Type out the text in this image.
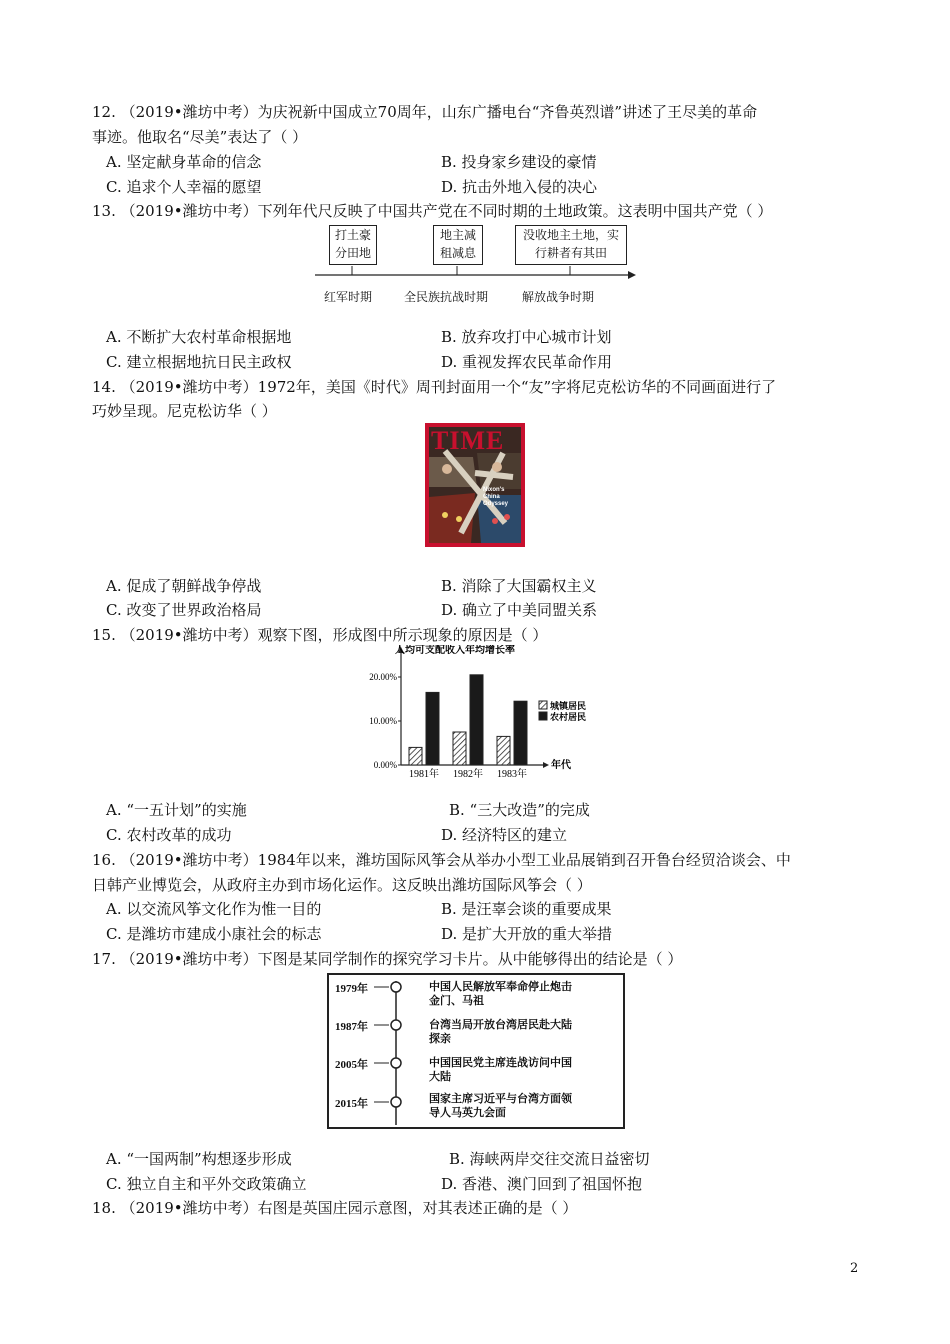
12. （2019•潍坊中考）为庆祝新中国成立70周年，山东广播电台“齐鲁英烈谱”讲述了王尽美的革命
事迹。他取名“尽美”表达了（ ）
A. 坚定献身革命的信念	B. 投身家乡建设的豪情
C. 追求个人幸福的愿望	D. 抗击外地入侵的决心
13. （2019•潍坊中考）下列年代尺反映了中国共产党在不同时期的土地政策。这表明中国共产党（ ）
打土豪
分田地
地主减
租减息
没收地主土地，实
行耕者有其田
红军时期	全民族抗战时期	解放战争时期
A. 不断扩大农村革命根据地	B. 放弃攻打中心城市计划
C. 建立根据地抗日民主政权	D. 重视发挥农民革命作用
14. （2019•潍坊中考）1972年，美国《时代》周刊封面用一个“友”字将尼克松访华的不同画面进行了
巧妙呈现。尼克松访华（ ）
TIME
Nixon's
China
Odyssey
A. 促成了朝鲜战争停战	B. 消除了大国霸权主义
C. 改变了世界政治格局	D. 确立了中美同盟关系
15. （2019•潍坊中考）观察下图，形成图中所示现象的原因是（ ）
0.00%
10.00%
20.00%
人均可支配收入年均增长率
年代
1981年 1982年 1983年
城镇居民
农村居民
A. “一五计划”的实施	B. “三大改造”的完成
C. 农村改革的成功	D. 经济特区的建立
16. （2019•潍坊中考）1984年以来，潍坊国际风筝会从举办小型工业品展销到召开鲁台经贸洽谈会、中
日韩产业博览会，从政府主办到市场化运作。这反映出潍坊国际风筝会（ ）
A. 以交流风筝文化作为惟一目的	B. 是汪辜会谈的重要成果
C. 是潍坊市建成小康社会的标志	D. 是扩大开放的重大举措
17. （2019•潍坊中考）下图是某同学制作的探究学习卡片。从中能够得出的结论是（ ）
1979年	中国人民解放军奉命停止炮击
金门、马祖
1987年	台湾当局开放台湾居民赴大陆
探亲
2005年	中国国民党主席连战访问中国
大陆
2015年	国家主席习近平与台湾方面领
导人马英九会面
A. “一国两制”构想逐步形成	B. 海峡两岸交往交流日益密切
C. 独立自主和平外交政策确立	D. 香港、澳门回到了祖国怀抱
18. （2019•潍坊中考）右图是英国庄园示意图，对其表述正确的是（ ）
2
